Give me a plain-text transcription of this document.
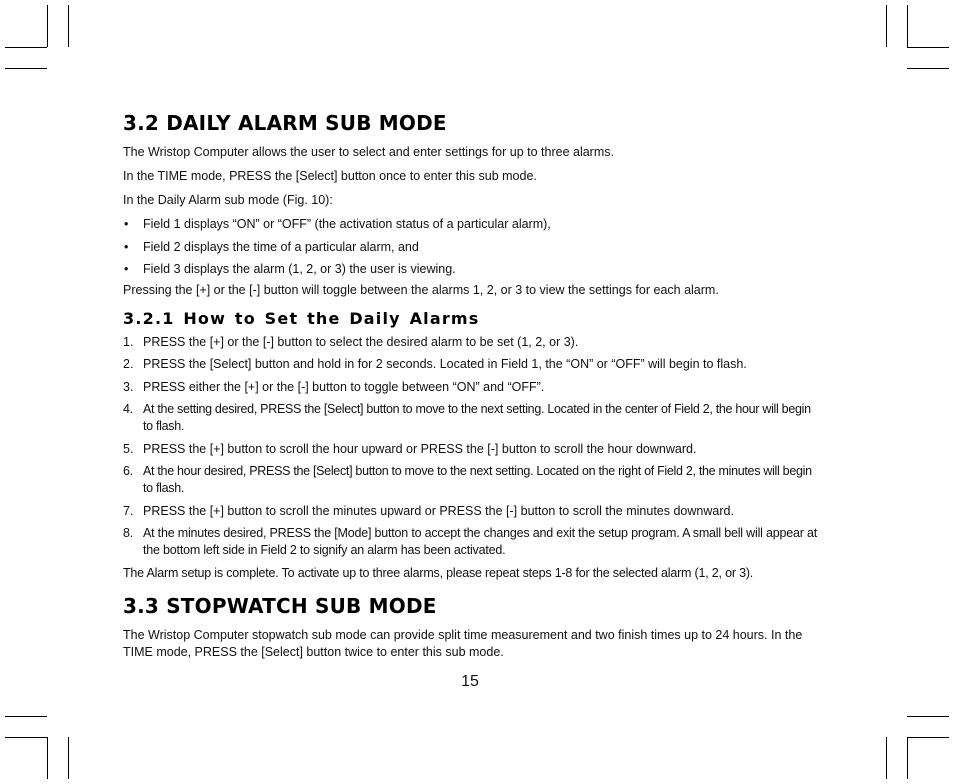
3.2 DAILY ALARM SUB MODE

The Wristop Computer allows the user to select and enter settings for up to three alarms.

In the TIME mode, PRESS the [Select] button once to enter this sub mode.

In the Daily Alarm sub mode (Fig. 10):

• Field 1 displays “ON” or “OFF” (the activation status of a particular alarm),
• Field 2 displays the time of a particular alarm, and
• Field 3 displays the alarm (1, 2, or 3) the user is viewing.

Pressing the [+] or the [-] button will toggle between the alarms 1, 2, or 3 to view the settings for each alarm.

3.2.1 How to Set the Daily Alarms
1. PRESS the [+] or the [-] button to select the desired alarm to be set (1, 2, or 3).
2. PRESS the [Select] button and hold in for 2 seconds. Located in Field 1, the “ON” or “OFF” will begin to flash.
3. PRESS either the [+] or the [-] button to toggle between “ON” and “OFF”.
4. At the setting desired, PRESS the [Select] button to move to the next setting. Located in the center of Field 2, the hour will begin to flash.
5. PRESS the [+] button to scroll the hour upward or PRESS the [-] button to scroll the hour downward.
6. At the hour desired, PRESS the [Select] button to move to the next setting. Located on the right of Field 2, the minutes will begin to flash.
7. PRESS the [+] button to scroll the minutes upward or PRESS the [-] button to scroll the minutes downward.
8. At the minutes desired, PRESS the [Mode] button to accept the changes and exit the setup program. A small bell will appear at the bottom left side in Field 2 to signify an alarm has been activated.

The Alarm setup is complete. To activate up to three alarms, please repeat steps 1-8 for the selected alarm (1, 2, or 3).

3.3 STOPWATCH SUB MODE

The Wristop Computer stopwatch sub mode can provide split time measurement and two finish times up to 24 hours. In the TIME mode, PRESS the [Select] button twice to enter this sub mode.

15
